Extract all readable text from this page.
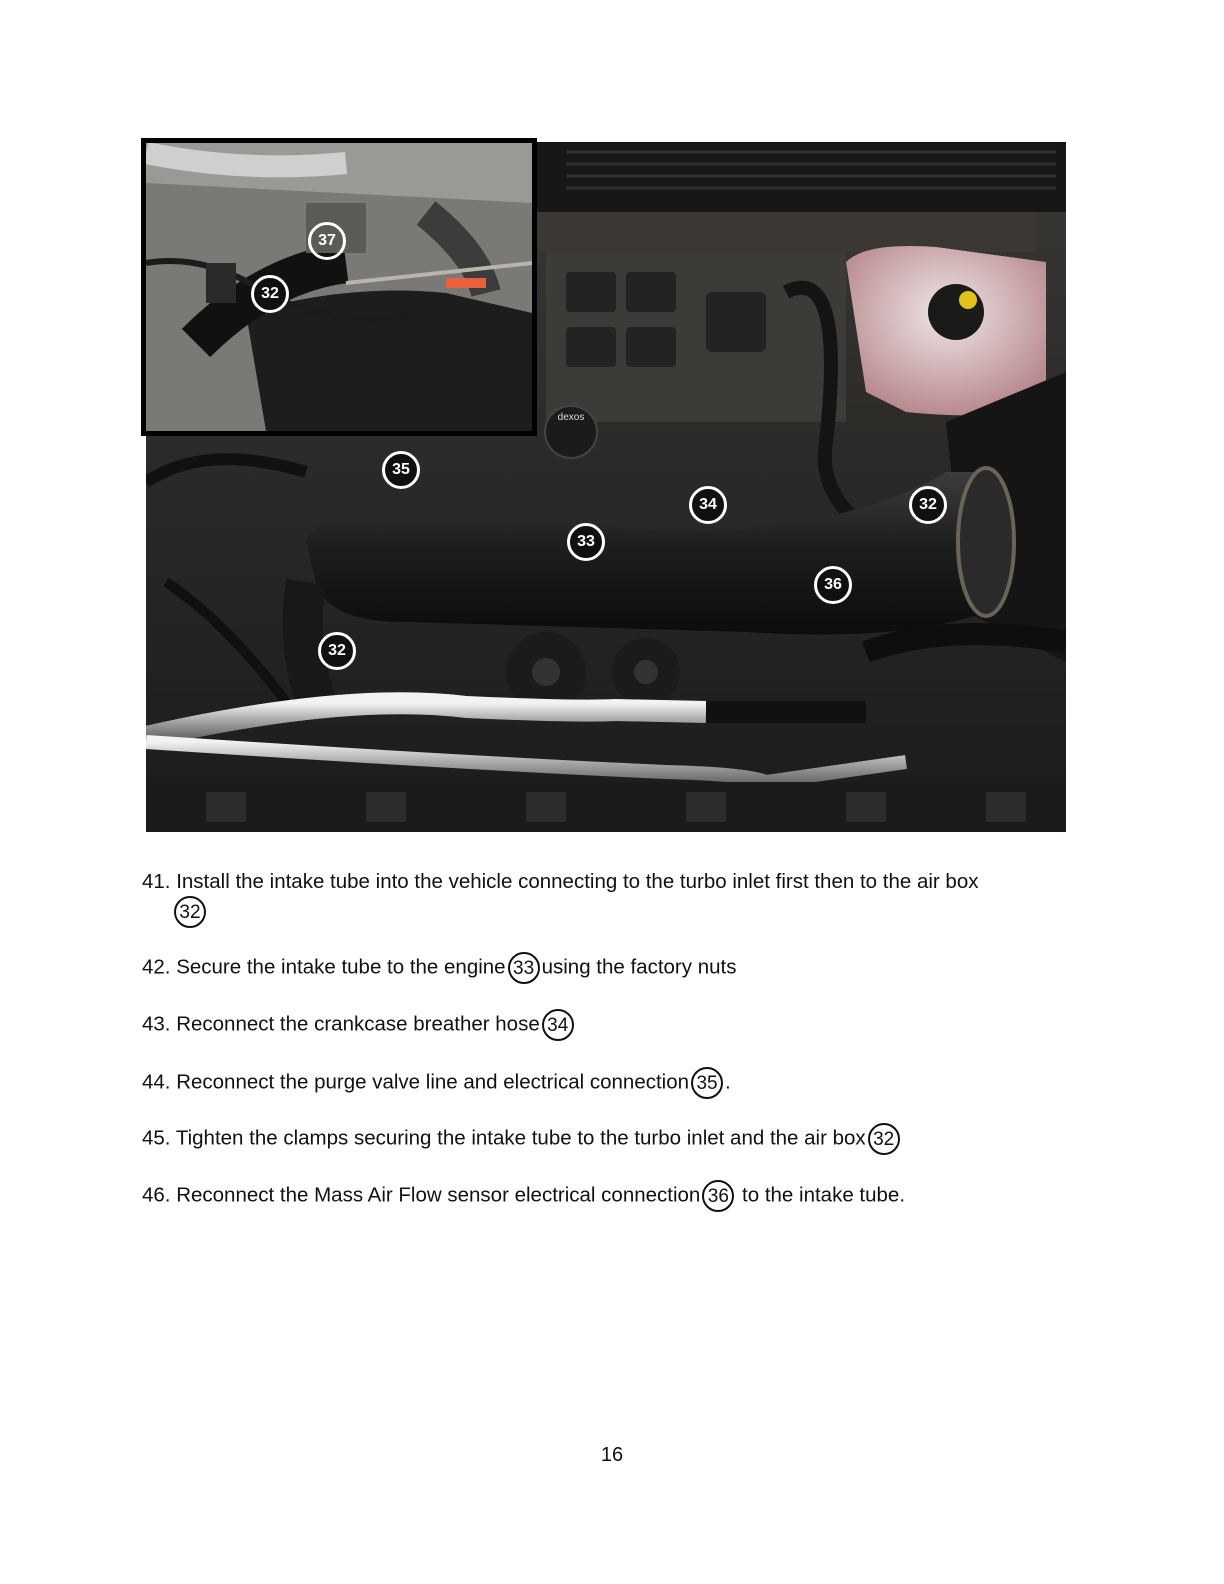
dexos
35
33
34	32
36
32
32
37
41. Install the intake tube into the vehicle connecting to the turbo inlet first then to the air box
32
42. Secure the intake tube to the engine 33 using the factory nuts
43. Reconnect the crankcase breather hose 34
44. Reconnect the purge valve line and electrical connection 35 .
45. Tighten the clamps securing the intake tube to the turbo inlet and the air box 32
46. Reconnect the Mass Air Flow sensor electrical connection 36 to the intake tube.
16
